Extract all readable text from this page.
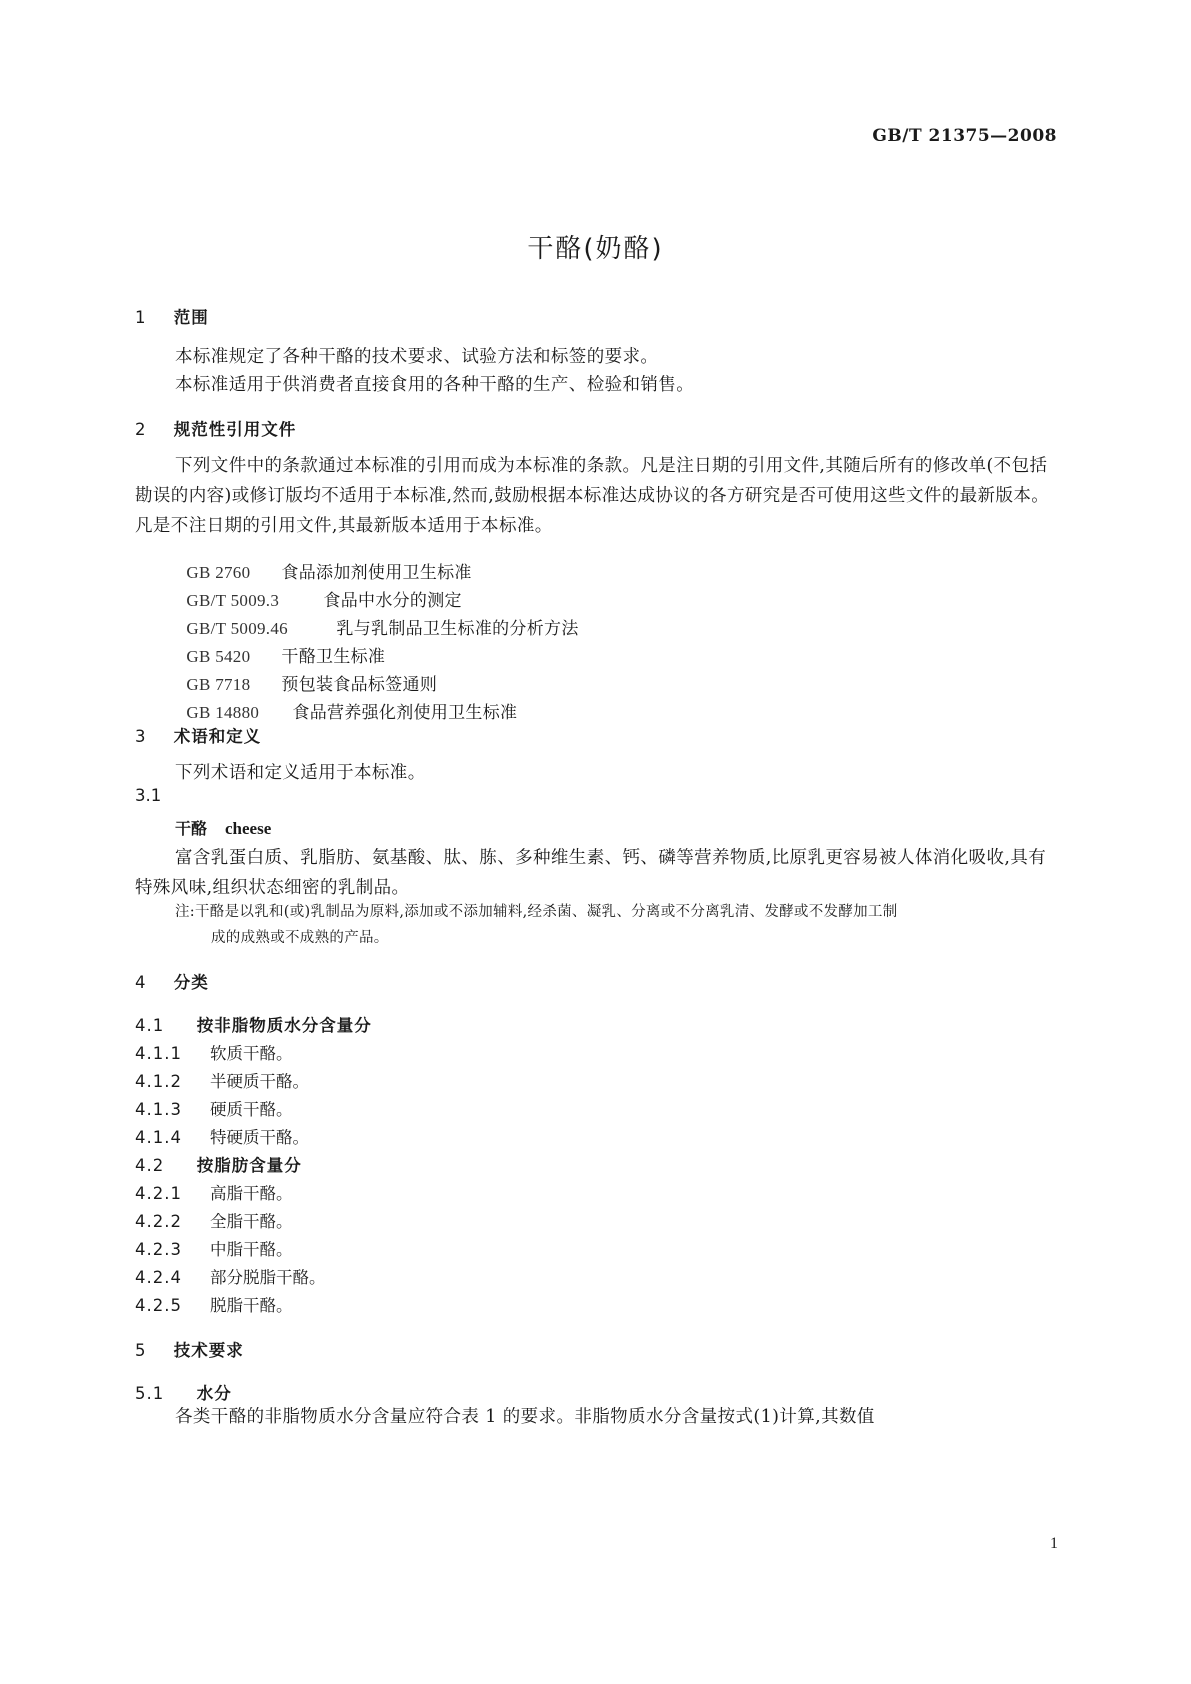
GB/T 21375—2008
干酪(奶酪)
1 范围
本标准规定了各种干酪的技术要求、试验方法和标签的要求。
本标准适用于供消费者直接食用的各种干酪的生产、检验和销售。
2 规范性引用文件
下列文件中的条款通过本标准的引用而成为本标准的条款。凡是注日期的引用文件,其随后所有的修改单(不包括勘误的内容)或修订版均不适用于本标准,然而,鼓励根据本标准达成协议的各方研究是否可使用这些文件的最新版本。凡是不注日期的引用文件,其最新版本适用于本标准。

GB 2760 食品添加剂使用卫生标准

GB/T 5009.3	食品中水分的测定

GB/T 5009.46	乳与乳制品卫生标准的分析方法

GB 5420 干酪卫生标准

GB 7718 预包装食品标签通则

GB 14880 食品营养强化剂使用卫生标准

3 术语和定义
下列术语和定义适用于本标准。
3.1
干酪 cheese
富含乳蛋白质、乳脂肪、氨基酸、肽、胨、多种维生素、钙、磷等营养物质,比原乳更容易被人体消化吸收,具有特殊风味,组织状态细密的乳制品。
注:干酪是以乳和(或)乳制品为原料,添加或不添加辅料,经杀菌、凝乳、分离或不分离乳清、发酵或不发酵加工制
成的成熟或不成熟的产品。
4 分类
4.1 按非脂物质水分含量分
4.1.1 软质干酪。
4.1.2 半硬质干酪。
4.1.3 硬质干酪。
4.1.4 特硬质干酪。
4.2 按脂肪含量分
4.2.1 高脂干酪。
4.2.2 全脂干酪。
4.2.3 中脂干酪。
4.2.4 部分脱脂干酪。
4.2.5 脱脂干酪。
5 技术要求
5.1 水分
各类干酪的非脂物质水分含量应符合表 1 的要求。非脂物质水分含量按式(1)计算,其数值
1
